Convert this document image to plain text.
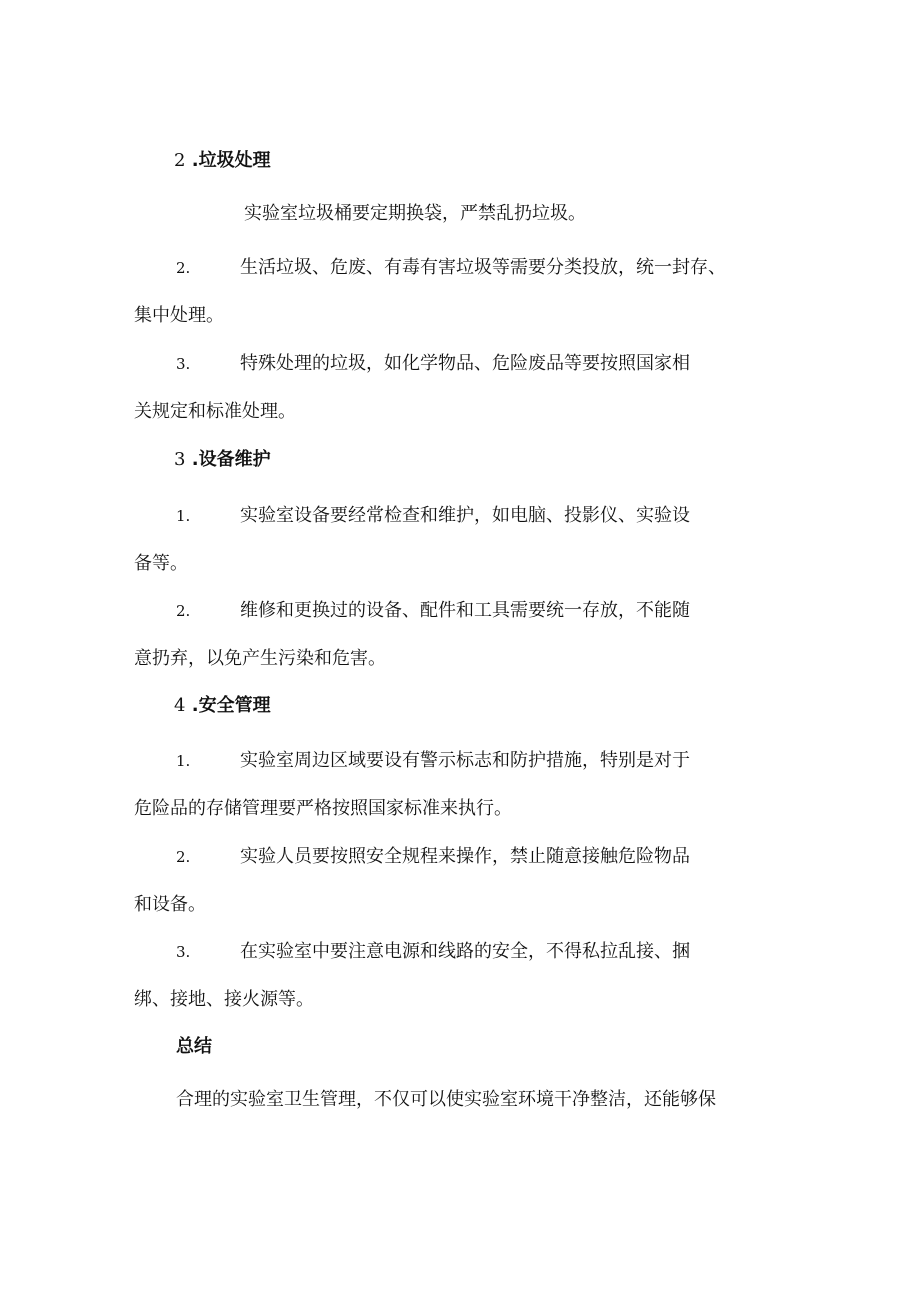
2 .垃圾处理

实验室垃圾桶要定期换袋，严禁乱扔垃圾。

2.	生活垃圾、危废、有毒有害垃圾等需要分类投放，统一封存、
集中处理。
3.	特殊处理的垃圾，如化学物品、危险废品等要按照国家相
关规定和标准处理。
3 .设备维护
1.	实验室设备要经常检查和维护，如电脑、投影仪、实验设
备等。
2.	维修和更换过的设备、配件和工具需要统一存放，不能随
意扔弃，以免产生污染和危害。
4 .安全管理
1.	实验室周边区域要设有警示标志和防护措施，特别是对于
危险品的存储管理要严格按照国家标准来执行。
2.	实验人员要按照安全规程来操作，禁止随意接触危险物品
和设备。
3.	在实验室中要注意电源和线路的安全，不得私拉乱接、捆
绑、接地、接火源等。
总结

合理的实验室卫生管理，不仅可以使实验室环境干净整洁，还能够保
